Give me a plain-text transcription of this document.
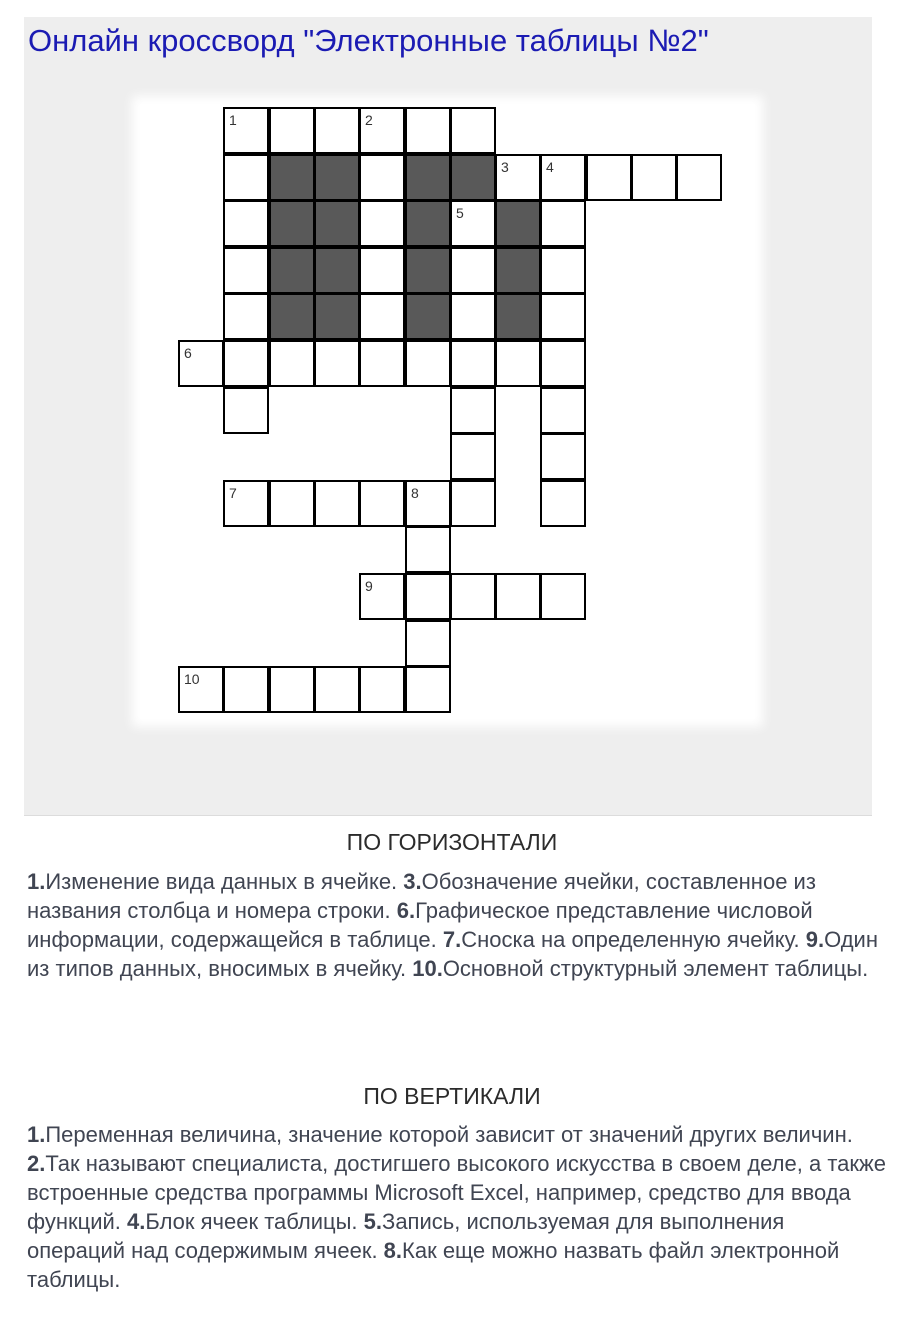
Онлайн кроссворд "Электронные таблицы №2"
1	2
3	4
5
6
7	8
9
10
ПО ГОРИЗОНТАЛИ
1.Изменение вида данных в ячейке. 3.Обозначение ячейки, составленное из названия столбца и номера строки. 6.Графическое представление числовой информации, содержащейся в таблице. 7.Сноска на определенную ячейку. 9.Один из типов данных, вносимых в ячейку. 10.Основной структурный элемент таблицы.
ПО ВЕРТИКАЛИ
1.Переменная величина, значение которой зависит от значений других величин. 2.Так называют специалиста, достигшего высокого искусства в своем деле, а также встроенные средства программы Microsoft Excel, например, средство для ввода функций. 4.Блок ячеек таблицы. 5.Запись, используемая для выполнения операций над содержимым ячеек. 8.Как еще можно назвать файл электронной таблицы.
